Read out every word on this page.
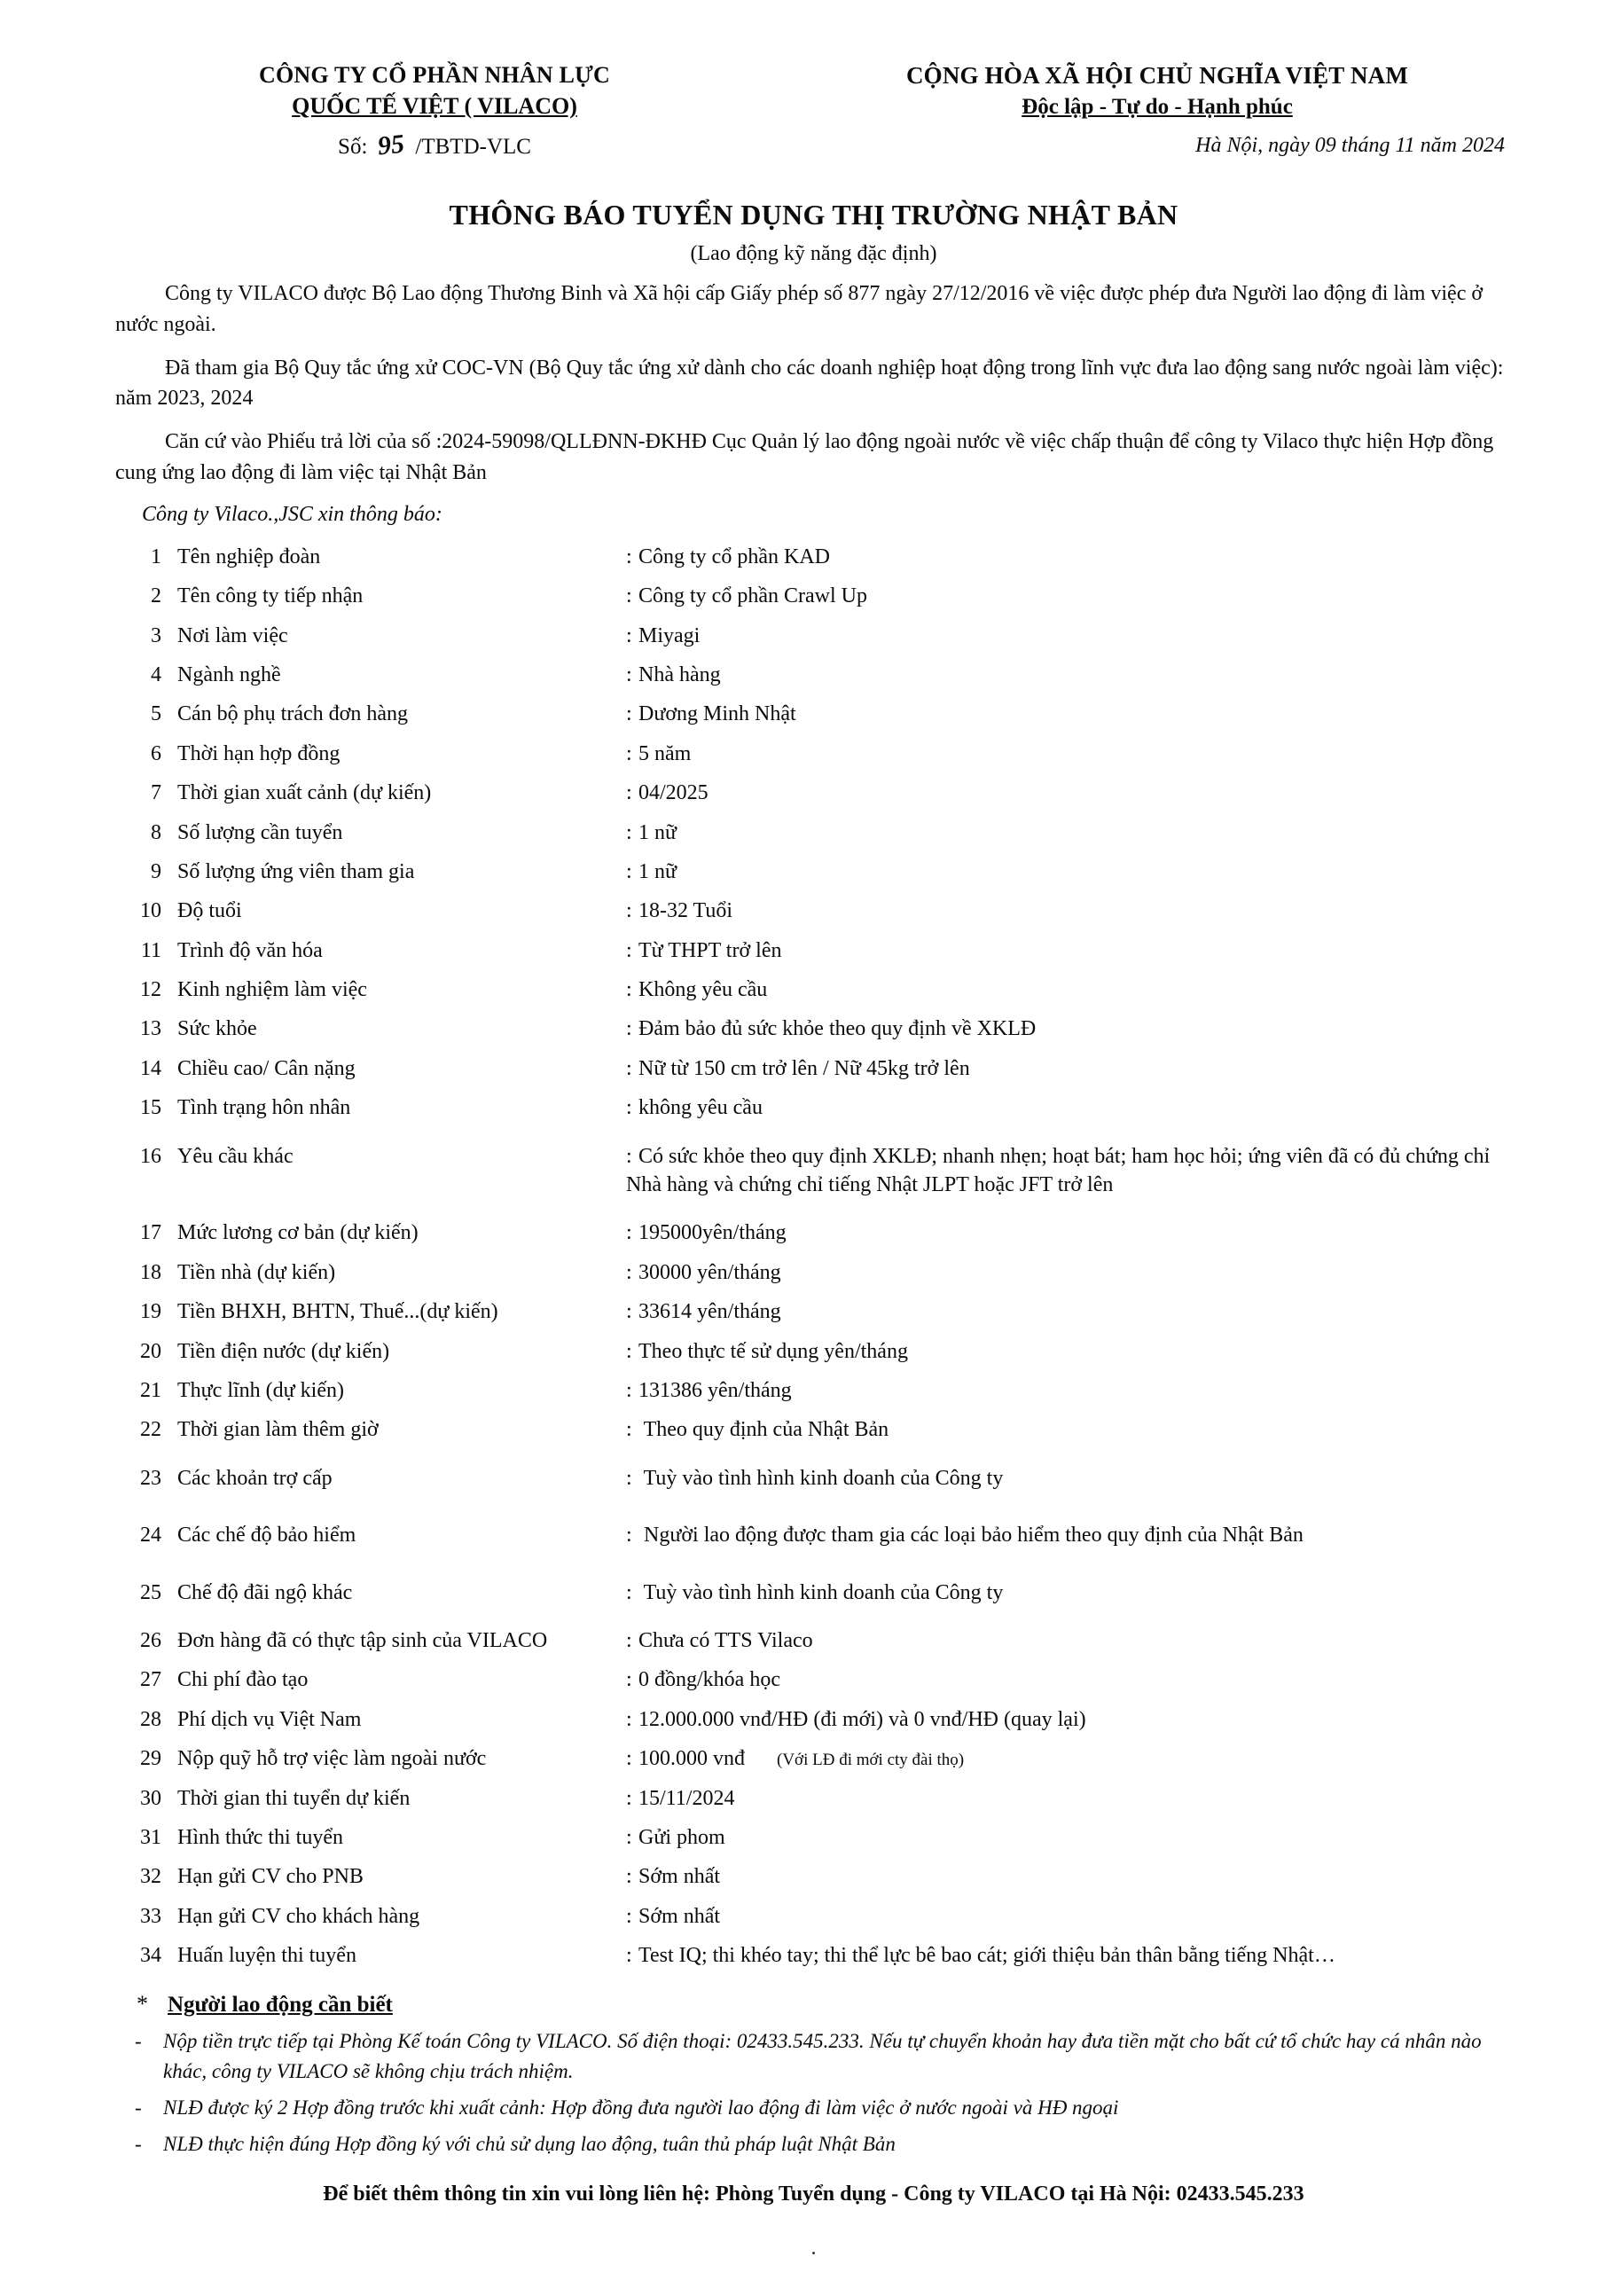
CÔNG TY CỔ PHẦN NHÂN LỰC
QUỐC TẾ VIỆT ( VILACO)
Số: 95 /TBTD-VLC
CỘNG HÒA XÃ HỘI CHỦ NGHĨA VIỆT NAM
Độc lập - Tự do - Hạnh phúc
Hà Nội, ngày 09 tháng 11 năm 2024
THÔNG BÁO TUYỂN DỤNG THỊ TRƯỜNG NHẬT BẢN
(Lao động kỹ năng đặc định)
Công ty VILACO được Bộ Lao động Thương Binh và Xã hội cấp Giấy phép số 877 ngày 27/12/2016 về việc được phép đưa Người lao động đi làm việc ở nước ngoài.
Đã tham gia Bộ Quy tắc ứng xử COC-VN (Bộ Quy tắc ứng xử dành cho các doanh nghiệp hoạt động trong lĩnh vực đưa lao động sang nước ngoài làm việc): năm 2023, 2024
Căn cứ vào Phiếu trả lời của số :2024-59098/QLLĐNN-ĐKHĐ Cục Quản lý lao động ngoài nước về việc chấp thuận để công ty Vilaco thực hiện Hợp đồng cung ứng lao động đi làm việc tại Nhật Bản
Công ty Vilaco.,JSC xin thông báo:
1	Tên nghiệp đoàn	: Công ty cổ phần KAD
2	Tên công ty tiếp nhận	: Công ty cổ phần Crawl Up
3	Nơi làm việc	: Miyagi
4	Ngành nghề	: Nhà hàng
5	Cán bộ phụ trách đơn hàng	: Dương Minh Nhật
6	Thời hạn hợp đồng	: 5 năm
7	Thời gian xuất cảnh (dự kiến)	: 04/2025
8	Số lượng cần tuyển	: 1 nữ
9	Số lượng ứng viên tham gia	: 1 nữ
10	Độ tuổi	: 18-32 Tuổi
11	Trình độ văn hóa	: Từ THPT trở lên
12	Kinh nghiệm làm việc	: Không yêu cầu
13	Sức khỏe	: Đảm bảo đủ sức khỏe theo quy định về XKLĐ
14	Chiều cao/ Cân nặng	: Nữ từ 150 cm trở lên / Nữ 45kg trở lên
15	Tình trạng hôn nhân	: không yêu cầu
16	Yêu cầu khác	: Có sức khỏe theo quy định XKLĐ; nhanh nhẹn; hoạt bát; ham học hỏi; ứng viên đã có đủ chứng chỉ Nhà hàng và chứng chỉ tiếng Nhật JLPT hoặc JFT trở lên
17	Mức lương cơ bản (dự kiến)	: 195000yên/tháng
18	Tiền nhà (dự kiến)	: 30000 yên/tháng
19	Tiền BHXH, BHTN, Thuế...(dự kiến)	: 33614 yên/tháng
20	Tiền điện nước (dự kiến)	: Theo thực tế sử dụng yên/tháng
21	Thực lĩnh (dự kiến)	: 131386 yên/tháng
22	Thời gian làm thêm giờ	: Theo quy định của Nhật Bản
23	Các khoản trợ cấp	: Tuỳ vào tình hình kinh doanh của Công ty
24	Các chế độ bảo hiểm	: Người lao động được tham gia các loại bảo hiểm theo quy định của Nhật Bản
25	Chế độ đãi ngộ khác	: Tuỳ vào tình hình kinh doanh của Công ty
26	Đơn hàng đã có thực tập sinh của VILACO	: Chưa có TTS Vilaco
27	Chi phí đào tạo	: 0 đồng/khóa học
28	Phí dịch vụ Việt Nam	: 12.000.000 vnđ/HĐ (đi mới) và 0 vnđ/HĐ (quay lại)
29	Nộp quỹ hỗ trợ việc làm ngoài nước	: 100.000 vnđ (Với LĐ đi mới cty đài thọ)
30	Thời gian thi tuyển dự kiến	: 15/11/2024
31	Hình thức thi tuyển	: Gửi phom
32	Hạn gửi CV cho PNB	: Sớm nhất
33	Hạn gửi CV cho khách hàng	: Sớm nhất
34	Huấn luyện thi tuyển	: Test IQ; thi khéo tay; thi thể lực bê bao cát; giới thiệu bản thân bằng tiếng Nhật…
* Người lao động cần biết
- Nộp tiền trực tiếp tại Phòng Kế toán Công ty VILACO. Số điện thoại: 02433.545.233. Nếu tự chuyển khoản hay đưa tiền mặt cho bất cứ tổ chức hay cá nhân nào khác, công ty VILACO sẽ không chịu trách nhiệm.
- NLĐ được ký 2 Hợp đồng trước khi xuất cảnh: Hợp đồng đưa người lao động đi làm việc ở nước ngoài và HĐ ngoại
- NLĐ thực hiện đúng Hợp đồng ký với chủ sử dụng lao động, tuân thủ pháp luật Nhật Bản
Để biết thêm thông tin xin vui lòng liên hệ: Phòng Tuyển dụng - Công ty VILACO tại Hà Nội: 02433.545.233
.
